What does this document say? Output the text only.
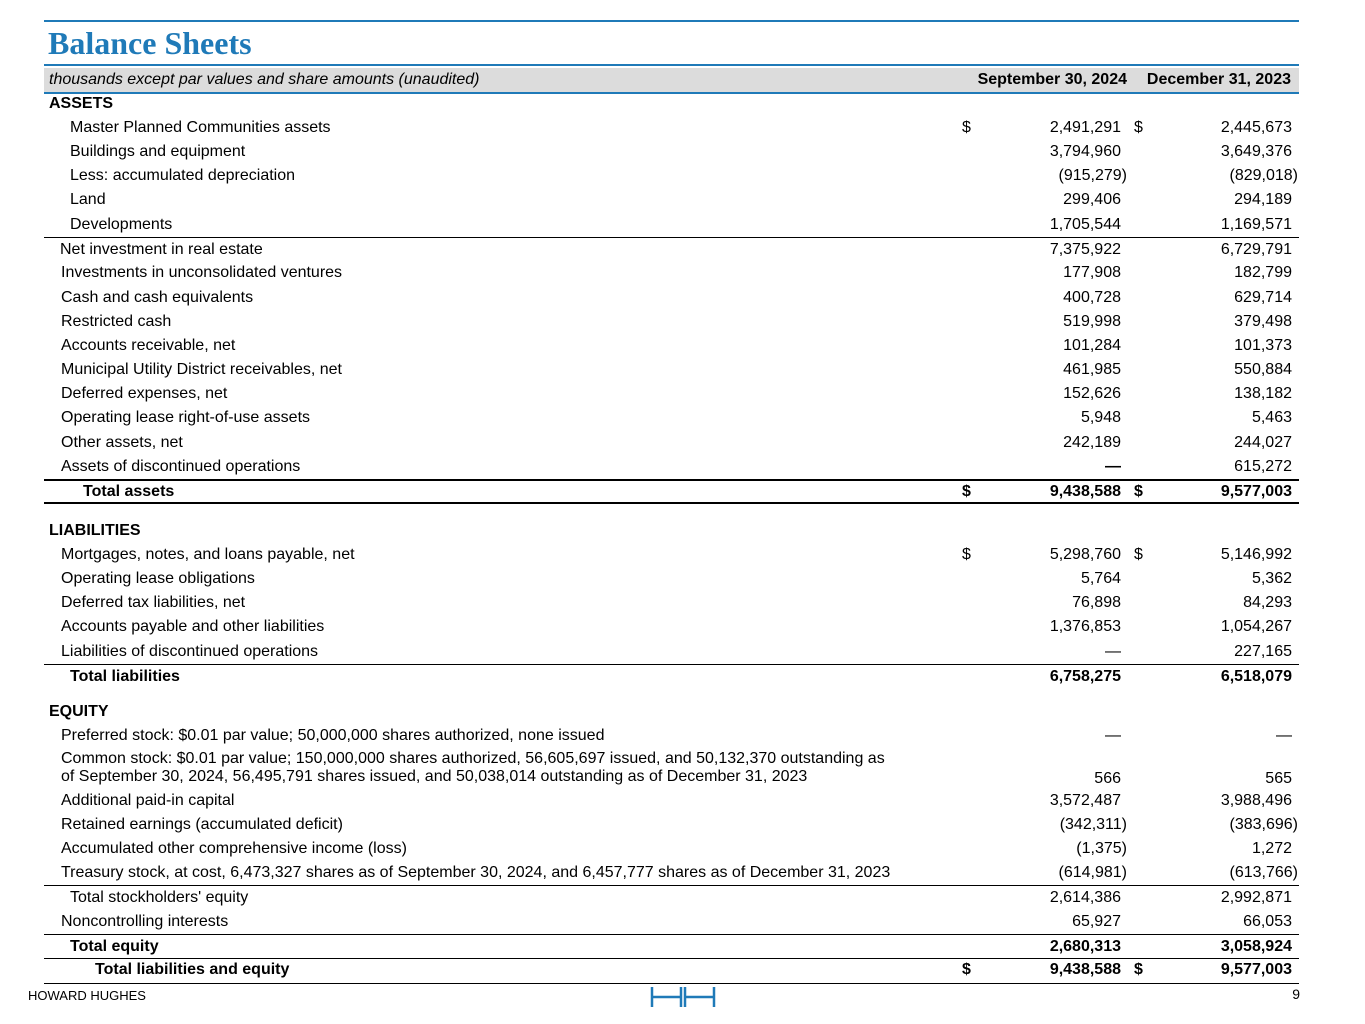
Balance Sheets
thousands except par values and share amounts (unaudited)	September 30, 2024	December 31, 2023
ASSETS
Master Planned Communities assets	$	2,491,291 $	2,445,673
Buildings and equipment	3,794,960	3,649,376
Less: accumulated depreciation	(915,279)	(829,018)
Land	299,406	294,189
Developments	1,705,544	1,169,571
Net investment in real estate	7,375,922	6,729,791
Investments in unconsolidated ventures	177,908	182,799
Cash and cash equivalents	400,728	629,714
Restricted cash	519,998	379,498
Accounts receivable, net	101,284	101,373
Municipal Utility District receivables, net	461,985	550,884
Deferred expenses, net	152,626	138,182
Operating lease right-of-use assets	5,948	5,463
Other assets, net	242,189	244,027
Assets of discontinued operations	—	615,272
Total assets	$	9,438,588 $	9,577,003
LIABILITIES
Mortgages, notes, and loans payable, net	$	5,298,760 $	5,146,992
Operating lease obligations	5,764	5,362
Deferred tax liabilities, net	76,898	84,293
Accounts payable and other liabilities	1,376,853	1,054,267
Liabilities of discontinued operations	—	227,165
Total liabilities	6,758,275	6,518,079
EQUITY
Preferred stock: $0.01 par value; 50,000,000 shares authorized, none issued	—	—
Common stock: $0.01 par value; 150,000,000 shares authorized, 56,605,697 issued, and 50,132,370 outstanding as
of September 30, 2024, 56,495,791 shares issued, and 50,038,014 outstanding as of December 31, 2023	566	565
Additional paid-in capital	3,572,487	3,988,496
Retained earnings (accumulated deficit)	(342,311)	(383,696)
Accumulated other comprehensive income (loss)	(1,375)	1,272
Treasury stock, at cost, 6,473,327 shares as of September 30, 2024, and 6,457,777 shares as of December 31, 2023	(614,981)	(613,766)
Total stockholders' equity	2,614,386	2,992,871
Noncontrolling interests	65,927	66,053
Total equity	2,680,313	3,058,924
Total liabilities and equity	$	9,438,588 $	9,577,003
HOWARD HUGHES	9
